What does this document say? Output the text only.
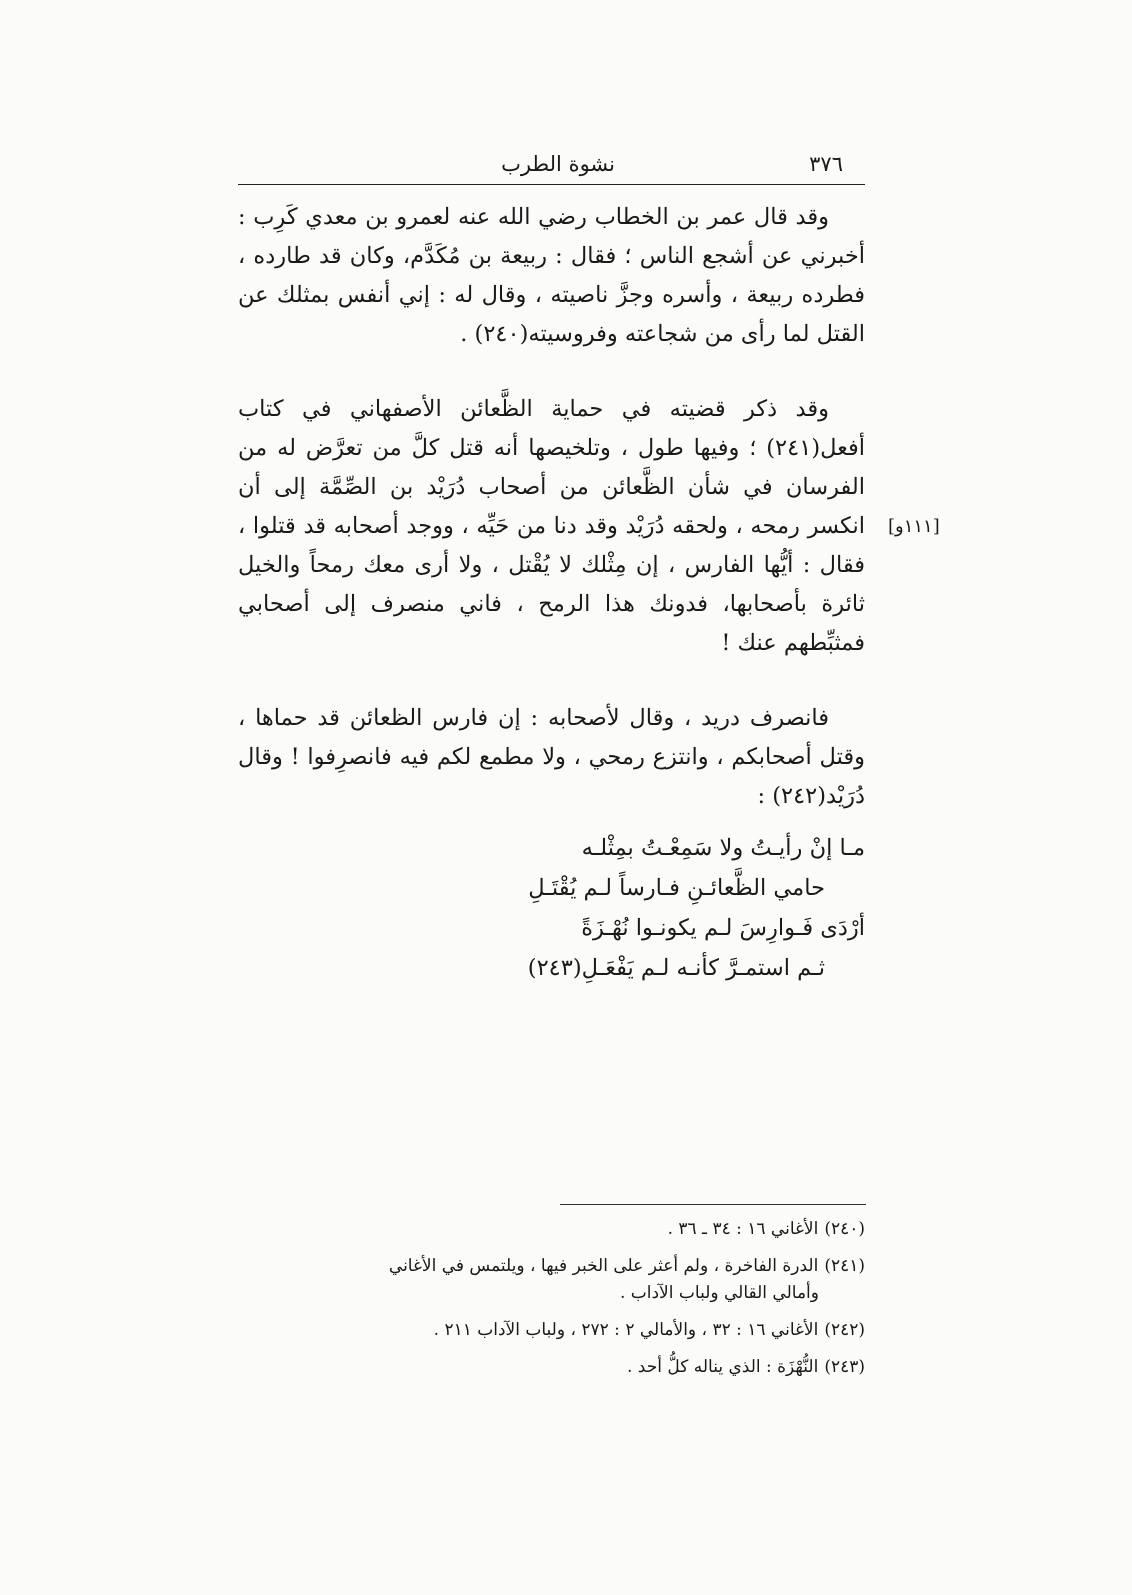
٣٧٦
نشوة الطرب
[١١١و]

وقد قال عمر بن الخطاب رضي الله عنه لعمرو بن معدي كَرِب : أخبرني عن أشجع الناس ؛ فقال : ربيعة بن مُكَدَّم، وكان قد طارده ، فطرده ربيعة ، وأسره وجزَّ ناصيته ، وقال له : إني أنفس بمثلك عن القتل لما رأى من شجاعته وفروسيته(٢٤٠) .

وقد ذكر قضيته في حماية الظَّعائن الأصفهاني في كتاب أفعل(٢٤١) ؛ وفيها طول ، وتلخيصها أنه قتل كلَّ من تعرَّض له من الفرسان في شأن الظَّعائن من أصحاب دُرَيْد بن الصِّمَّة إلى أن انكسر رمحه ، ولحقه دُرَيْد وقد دنا من حَيِّه ، ووجد أصحابه قد قتلوا ، فقال : أيُّها الفارس ، إن مِثْلك لا يُقْتل ، ولا أرى معك رمحاً والخيل ثائرة بأصحابها، فدونك هذا الرمح ، فاني منصرف إلى أصحابي فمثبِّطهم عنك !

فانصرف دريد ، وقال لأصحابه : إن فارس الظعائن قد حماها ، وقتل أصحابكم ، وانتزع رمحي ، ولا مطمع لكم فيه فانصرِفوا ! وقال دُرَيْد(٢٤٢) :

مـا إنْ رأيـتُ ولا سَمِعْـتُ بمِثْلـه

حامي الظَّعائـنِ فـارساً لـم يُقْتَـلِ

أرْدَى فَـوارِسَ لـم يكونـوا نُهْـزَةً

ثـم استمـرَّ كأنـه لـم يَفْعَـلِ(٢٤٣)

(٢٤٠)الأغاني ١٦ : ٣٤ ـ ٣٦ .

(٢٤١)الدرة الفاخرة ، ولم أعثر على الخبر فيها ، ويلتمس في الأغاني
وأمالي القالي ولباب الآداب .

(٢٤٢)الأغاني ١٦ : ٣٢ ، والأمالي ٢ : ٢٧٢ ، ولباب الآداب ٢١١ .

(٢٤٣)النُّهْزَة : الذي يناله كلُّ أحد .
